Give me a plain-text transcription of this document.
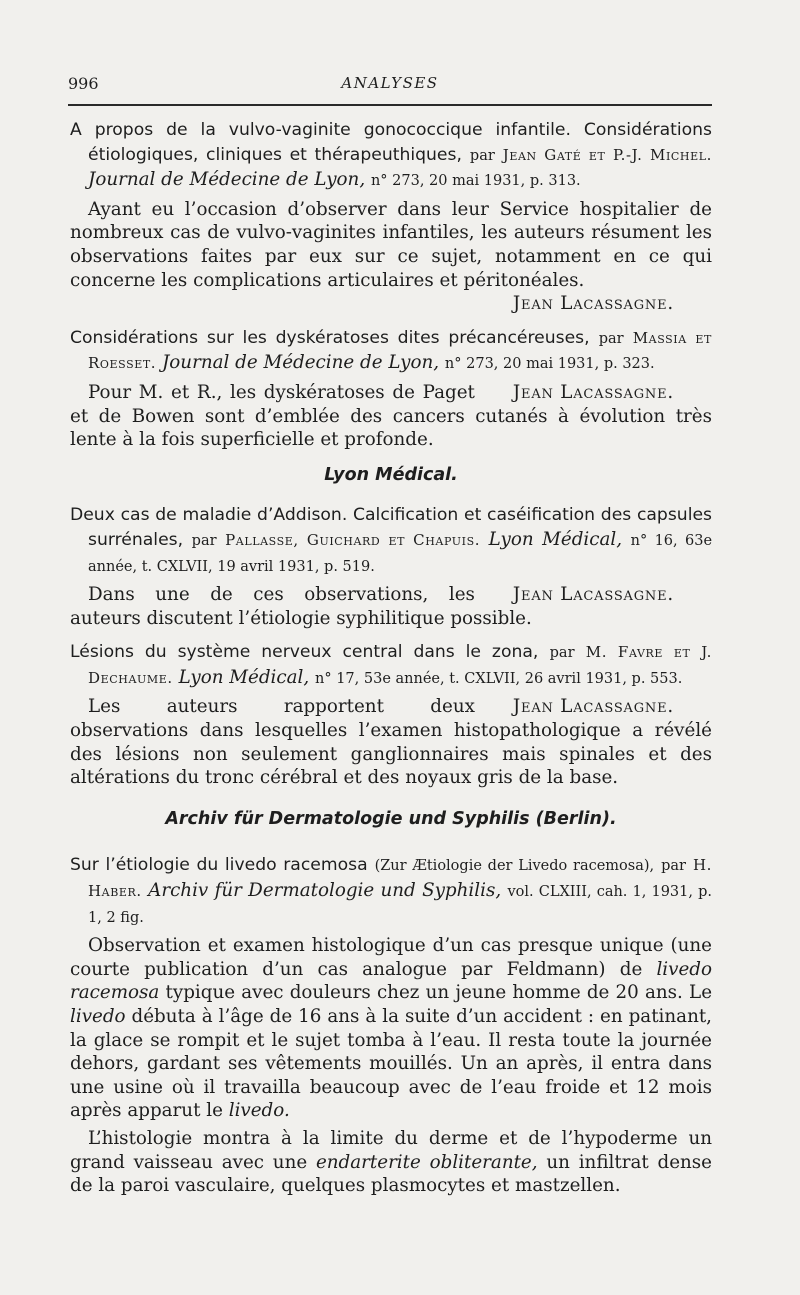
996	ANALYSES

A propos de la vulvo-vaginite gonococcique infantile. Considérations étiologiques, cliniques et thérapeuthiques, par Jean Gaté et P.-J. Michel. Journal de Médecine de Lyon, n° 273, 20 mai 1931, p. 313.

Ayant eu l’occasion d’observer dans leur Service hospitalier de nombreux cas de vulvo-vaginites infantiles, les auteurs résument les observations faites par eux sur ce sujet, notamment en ce qui concerne les complications articulaires et péritonéales.

Jean Lacassagne.

Considérations sur les dyskératoses dites précancéreuses, par Massia et Roesset. Journal de Médecine de Lyon, n° 273, 20 mai 1931, p. 323.

Jean Lacassagne.
Pour M. et R., les dyskératoses de Paget et de Bowen sont d’emblée des cancers cutanés à évolution très lente à la fois superficielle et profonde.

Lyon Médical.

Deux cas de maladie d’Addison. Calcification et caséification des capsules surrénales, par Pallasse, Guichard et Chapuis. Lyon Médical, n° 16, 63e année, t. CXLVII, 19 avril 1931, p. 519.

Jean Lacassagne.
Dans une de ces observations, les auteurs discutent l’étiologie syphilitique possible.

Lésions du système nerveux central dans le zona, par M. Favre et J. Dechaume. Lyon Médical, n° 17, 53e année, t. CXLVII, 26 avril 1931, p. 553.

Jean Lacassagne.
Les auteurs rapportent deux observations dans lesquelles l’examen histopathologique a révélé des lésions non seulement ganglionnaires mais spinales et des altérations du tronc cérébral et des noyaux gris de la base.

Archiv für Dermatologie und Syphilis (Berlin).

Sur l’étiologie du livedo racemosa (Zur Ætiologie der Livedo racemosa), par H. Haber. Archiv für Dermatologie und Syphilis, vol. CLXIII, cah. 1, 1931, p. 1, 2 fig.

Observation et examen histologique d’un cas presque unique (une courte publication d’un cas analogue par Feldmann) de livedo racemosa typique avec douleurs chez un jeune homme de 20 ans. Le livedo débuta à l’âge de 16 ans à la suite d’un accident : en patinant, la glace se rompit et le sujet tomba à l’eau. Il resta toute la journée dehors, gardant ses vêtements mouillés. Un an après, il entra dans une usine où il travailla beaucoup avec de l’eau froide et 12 mois après apparut le livedo.

L’histologie montra à la limite du derme et de l’hypoderme un grand vaisseau avec une endarterite obliterante, un infiltrat dense de la paroi vasculaire, quelques plasmocytes et mastzellen.
